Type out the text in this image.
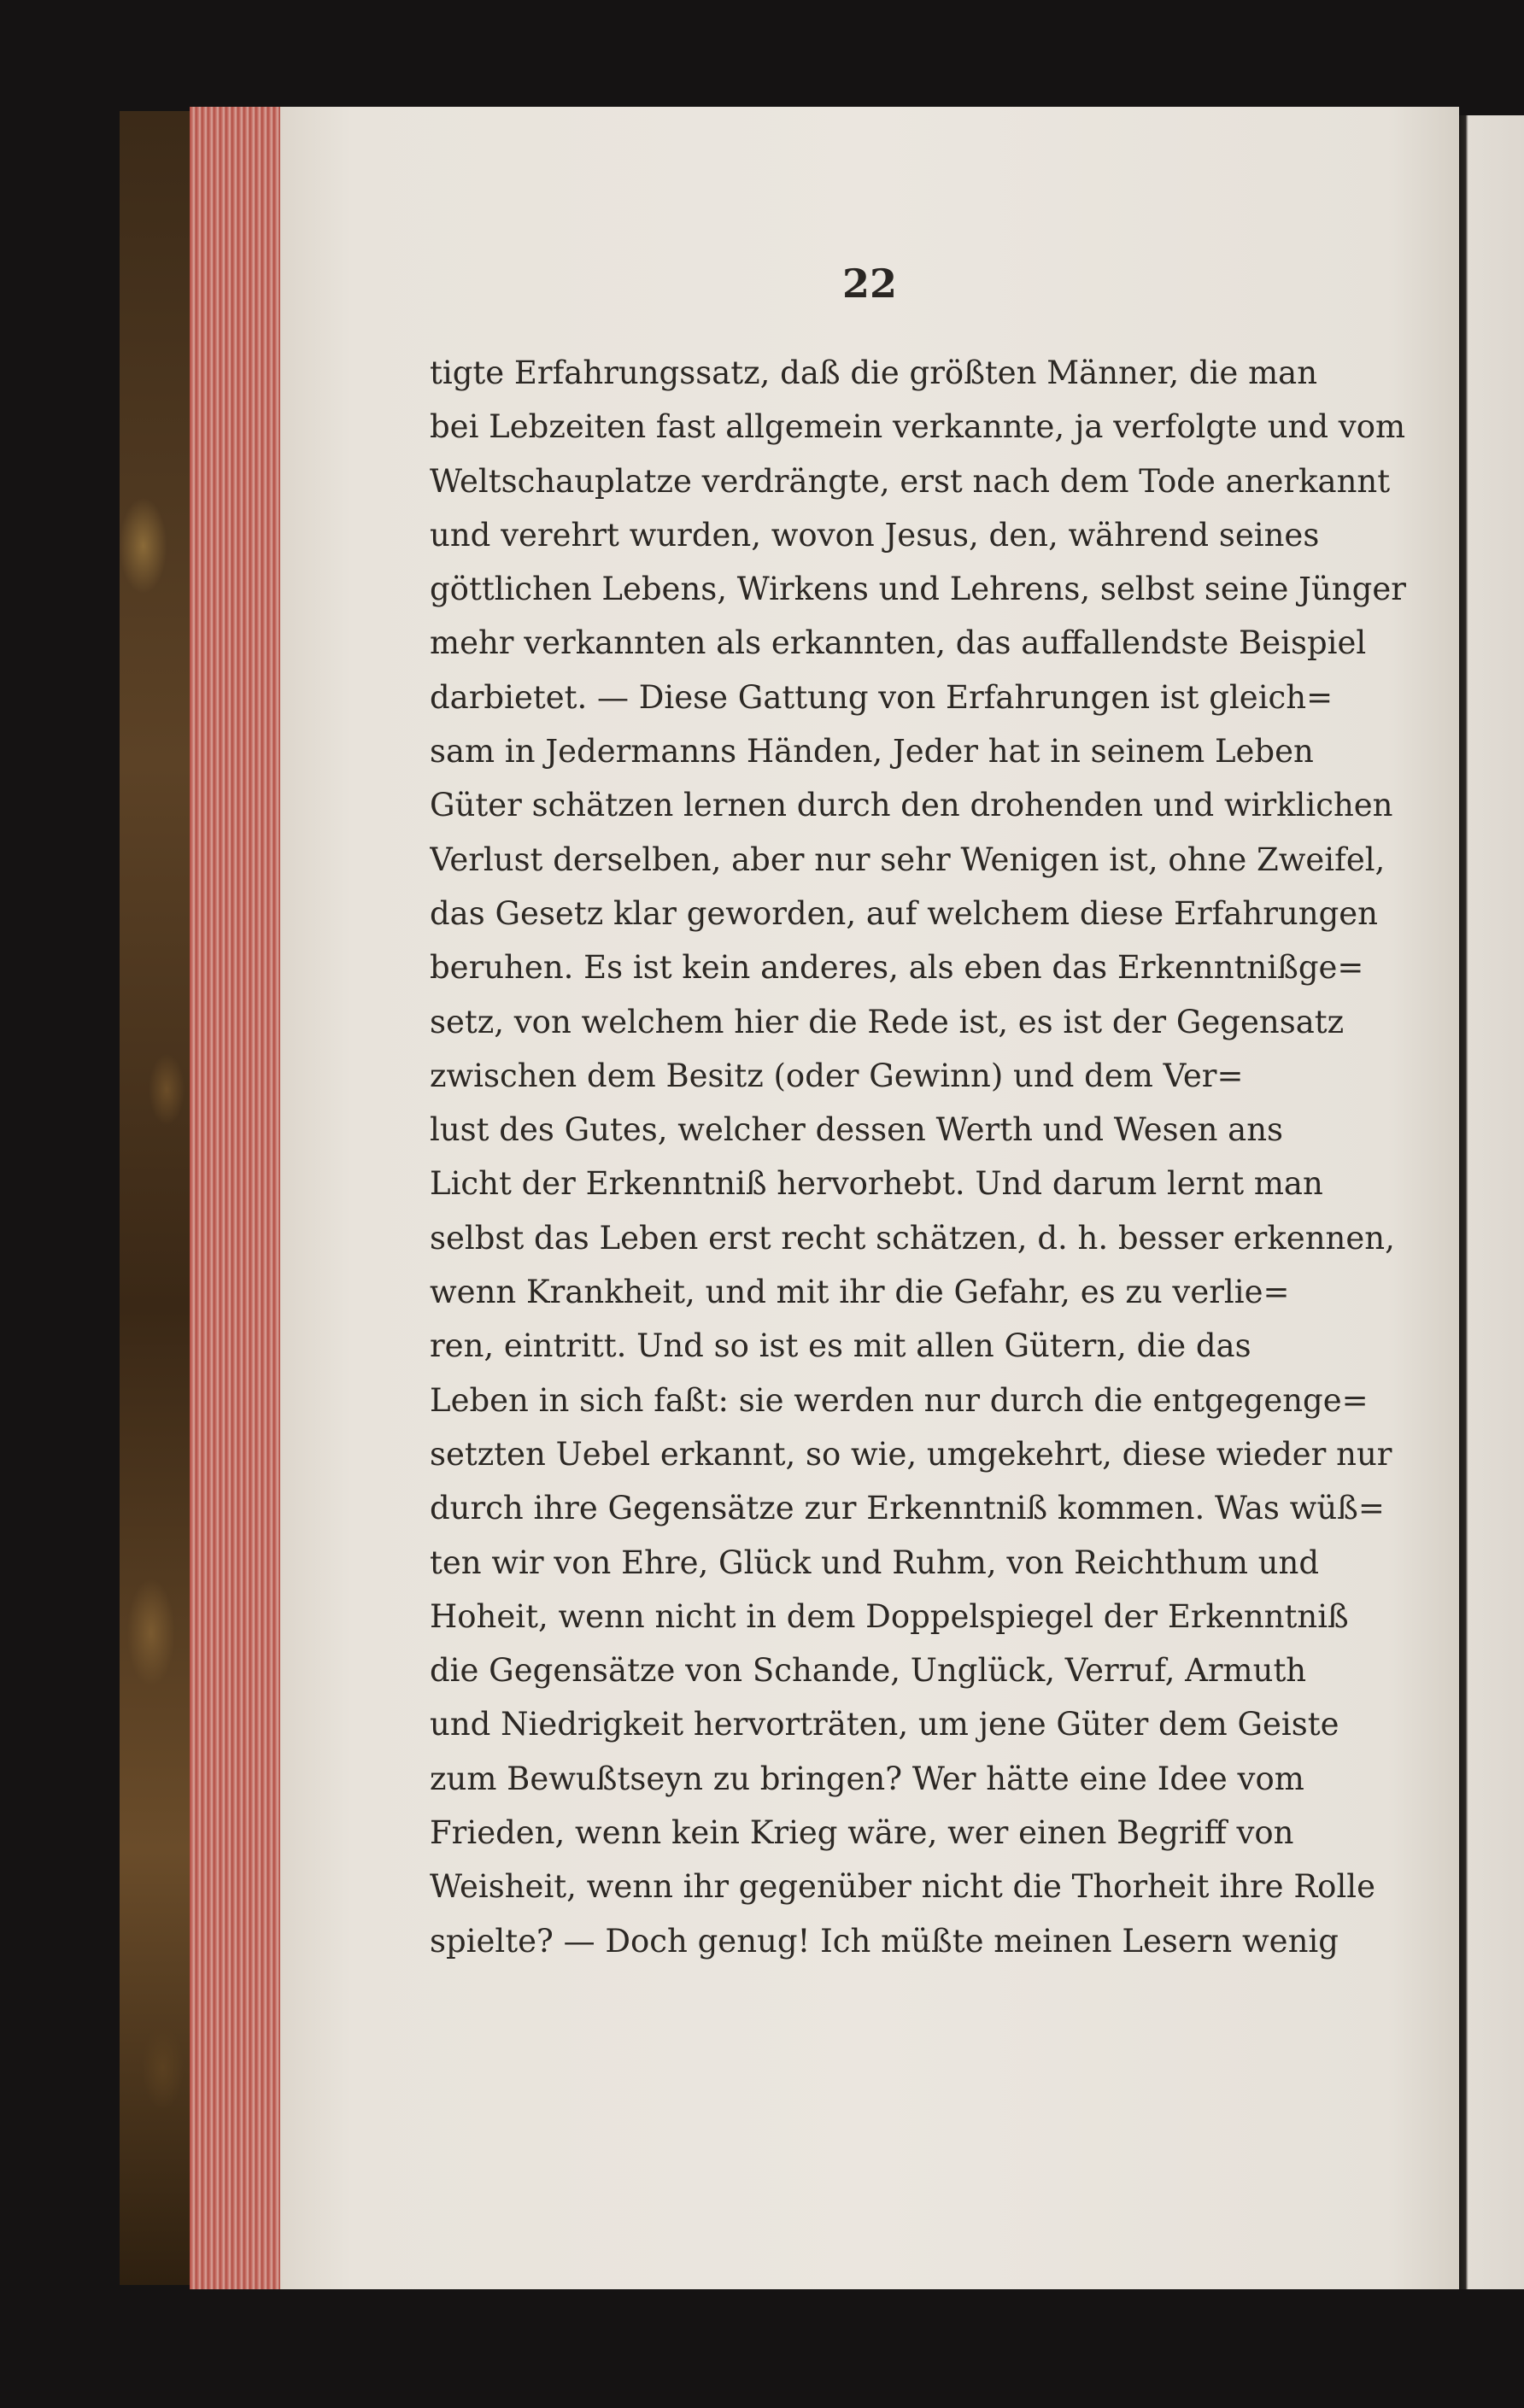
22
tigte Erfahrungssatz, daß die größten Männer, die man
bei Lebzeiten fast allgemein verkannte, ja verfolgte und vom
Weltschauplatze verdrängte, erst nach dem Tode anerkannt
und verehrt wurden, wovon Jesus, den, während seines
göttlichen Lebens, Wirkens und Lehrens, selbst seine Jünger
mehr verkannten als erkannten, das auffallendste Beispiel
darbietet. — Diese Gattung von Erfahrungen ist gleich=
sam in Jedermanns Händen, Jeder hat in seinem Leben
Güter schätzen lernen durch den drohenden und wirklichen
Verlust derselben, aber nur sehr Wenigen ist, ohne Zweifel,
das Gesetz klar geworden, auf welchem diese Erfahrungen
beruhen. Es ist kein anderes, als eben das Erkenntnißge=
setz, von welchem hier die Rede ist, es ist der Gegensatz
zwischen dem Besitz (oder Gewinn) und dem Ver=
lust des Gutes, welcher dessen Werth und Wesen ans
Licht der Erkenntniß hervorhebt. Und darum lernt man
selbst das Leben erst recht schätzen, d. h. besser erkennen,
wenn Krankheit, und mit ihr die Gefahr, es zu verlie=
ren, eintritt. Und so ist es mit allen Gütern, die das
Leben in sich faßt: sie werden nur durch die entgegenge=
setzten Uebel erkannt, so wie, umgekehrt, diese wieder nur
durch ihre Gegensätze zur Erkenntniß kommen. Was wüß=
ten wir von Ehre, Glück und Ruhm, von Reichthum und
Hoheit, wenn nicht in dem Doppelspiegel der Erkenntniß
die Gegensätze von Schande, Unglück, Verruf, Armuth
und Niedrigkeit hervorträten, um jene Güter dem Geiste
zum Bewußtseyn zu bringen? Wer hätte eine Idee vom
Frieden, wenn kein Krieg wäre, wer einen Begriff von
Weisheit, wenn ihr gegenüber nicht die Thorheit ihre Rolle
spielte? — Doch genug! Ich müßte meinen Lesern wenig
